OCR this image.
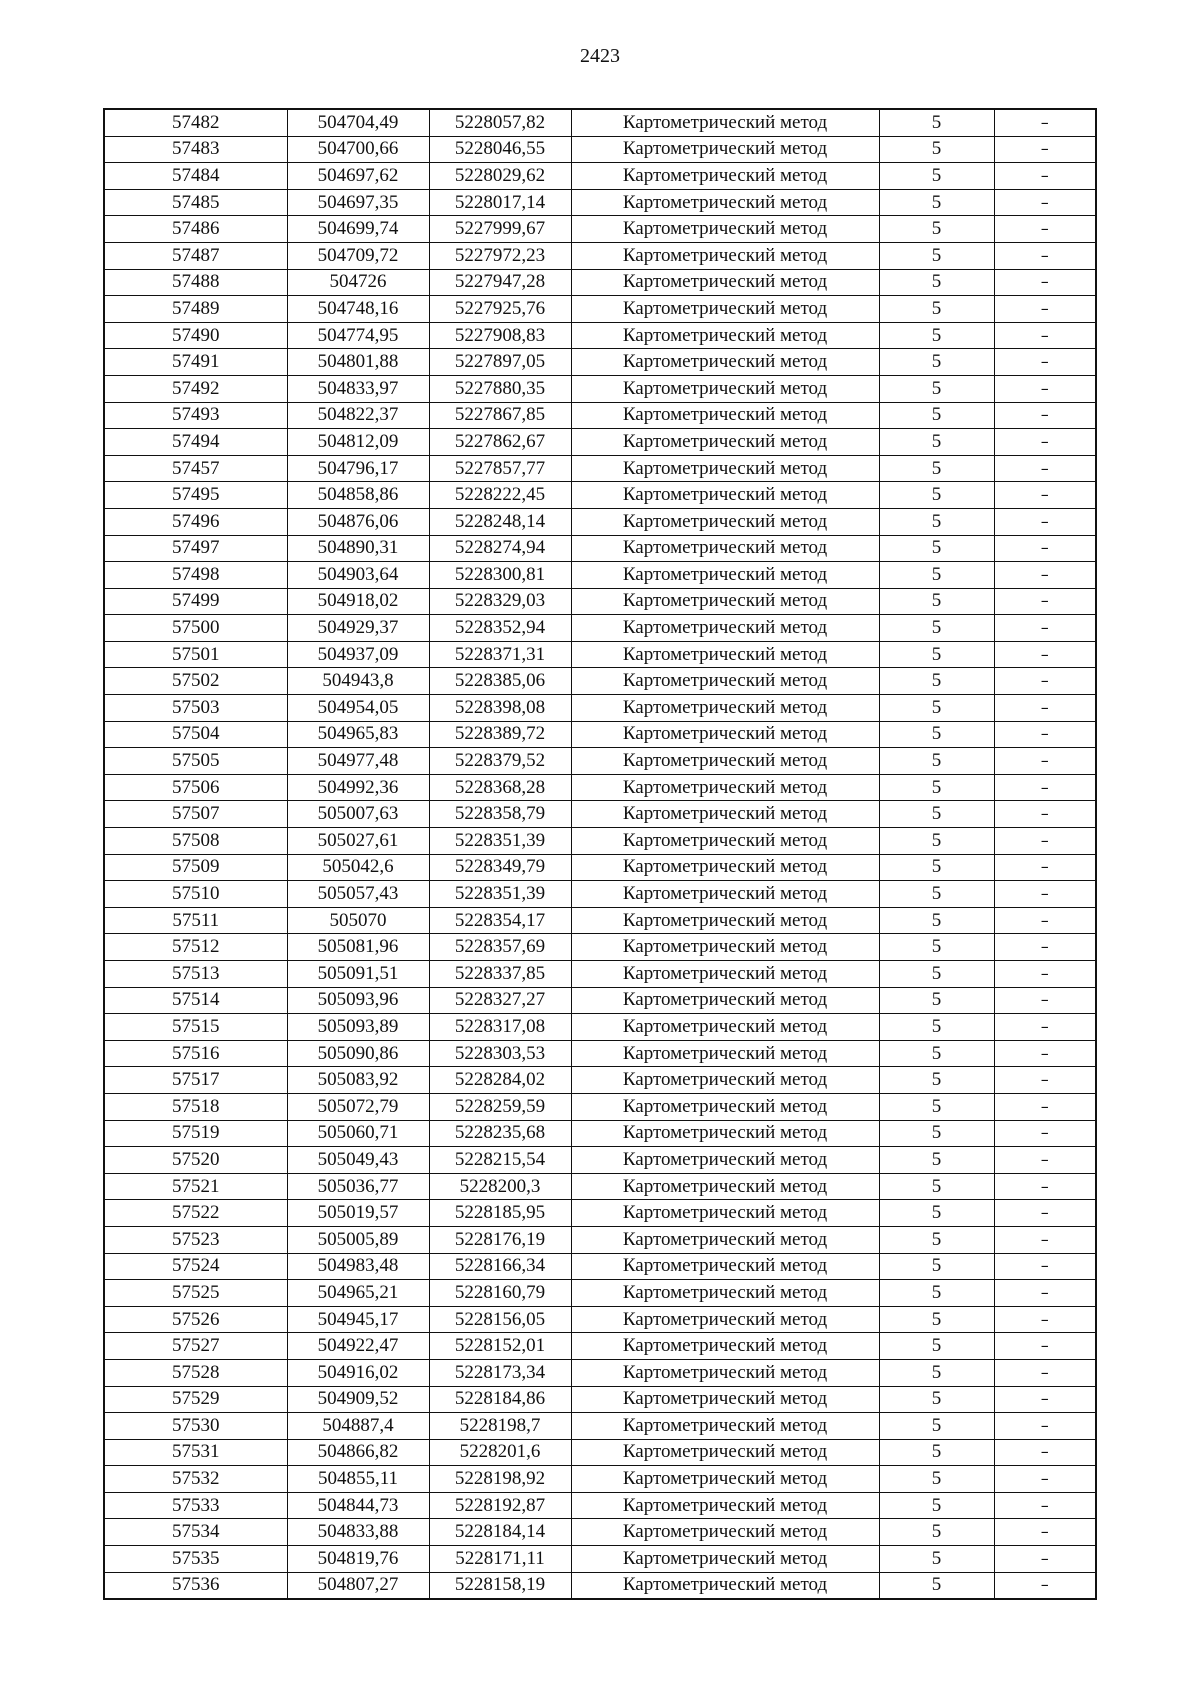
2423
57482	504704,49	5228057,82	Картометрический метод	5	–
57483	504700,66	5228046,55	Картометрический метод	5	–
57484	504697,62	5228029,62	Картометрический метод	5	–
57485	504697,35	5228017,14	Картометрический метод	5	–
57486	504699,74	5227999,67	Картометрический метод	5	–
57487	504709,72	5227972,23	Картометрический метод	5	–
57488	504726	5227947,28	Картометрический метод	5	–
57489	504748,16	5227925,76	Картометрический метод	5	–
57490	504774,95	5227908,83	Картометрический метод	5	–
57491	504801,88	5227897,05	Картометрический метод	5	–
57492	504833,97	5227880,35	Картометрический метод	5	–
57493	504822,37	5227867,85	Картометрический метод	5	–
57494	504812,09	5227862,67	Картометрический метод	5	–
57457	504796,17	5227857,77	Картометрический метод	5	–
57495	504858,86	5228222,45	Картометрический метод	5	–
57496	504876,06	5228248,14	Картометрический метод	5	–
57497	504890,31	5228274,94	Картометрический метод	5	–
57498	504903,64	5228300,81	Картометрический метод	5	–
57499	504918,02	5228329,03	Картометрический метод	5	–
57500	504929,37	5228352,94	Картометрический метод	5	–
57501	504937,09	5228371,31	Картометрический метод	5	–
57502	504943,8	5228385,06	Картометрический метод	5	–
57503	504954,05	5228398,08	Картометрический метод	5	–
57504	504965,83	5228389,72	Картометрический метод	5	–
57505	504977,48	5228379,52	Картометрический метод	5	–
57506	504992,36	5228368,28	Картометрический метод	5	–
57507	505007,63	5228358,79	Картометрический метод	5	–
57508	505027,61	5228351,39	Картометрический метод	5	–
57509	505042,6	5228349,79	Картометрический метод	5	–
57510	505057,43	5228351,39	Картометрический метод	5	–
57511	505070	5228354,17	Картометрический метод	5	–
57512	505081,96	5228357,69	Картометрический метод	5	–
57513	505091,51	5228337,85	Картометрический метод	5	–
57514	505093,96	5228327,27	Картометрический метод	5	–
57515	505093,89	5228317,08	Картометрический метод	5	–
57516	505090,86	5228303,53	Картометрический метод	5	–
57517	505083,92	5228284,02	Картометрический метод	5	–
57518	505072,79	5228259,59	Картометрический метод	5	–
57519	505060,71	5228235,68	Картометрический метод	5	–
57520	505049,43	5228215,54	Картометрический метод	5	–
57521	505036,77	5228200,3	Картометрический метод	5	–
57522	505019,57	5228185,95	Картометрический метод	5	–
57523	505005,89	5228176,19	Картометрический метод	5	–
57524	504983,48	5228166,34	Картометрический метод	5	–
57525	504965,21	5228160,79	Картометрический метод	5	–
57526	504945,17	5228156,05	Картометрический метод	5	–
57527	504922,47	5228152,01	Картометрический метод	5	–
57528	504916,02	5228173,34	Картометрический метод	5	–
57529	504909,52	5228184,86	Картометрический метод	5	–
57530	504887,4	5228198,7	Картометрический метод	5	–
57531	504866,82	5228201,6	Картометрический метод	5	–
57532	504855,11	5228198,92	Картометрический метод	5	–
57533	504844,73	5228192,87	Картометрический метод	5	–
57534	504833,88	5228184,14	Картометрический метод	5	–
57535	504819,76	5228171,11	Картометрический метод	5	–
57536	504807,27	5228158,19	Картометрический метод	5	–
